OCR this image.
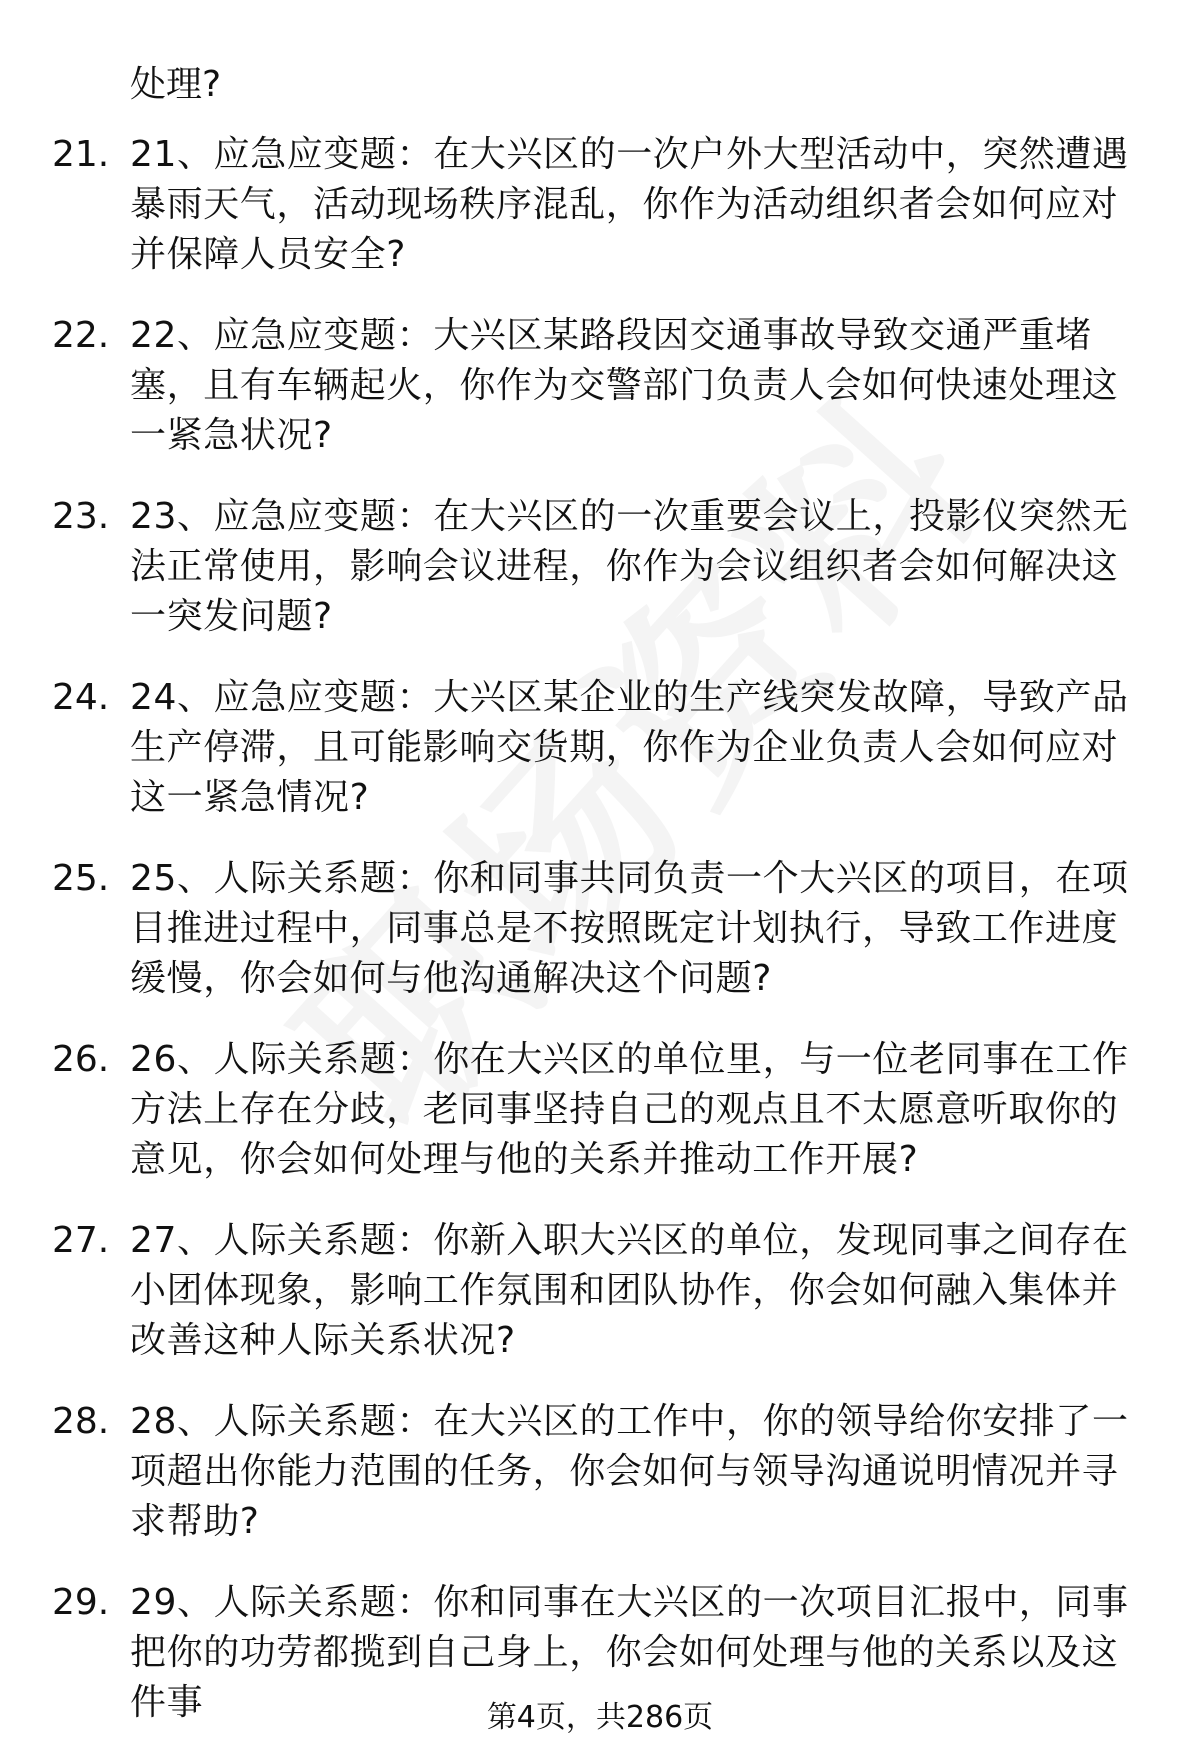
处理?
21. 21、应急应变题：在大兴区的一次户外大型活动中，突然遭遇暴雨天气，活动现场秩序混乱，你作为活动组织者会如何应对并保障人员安全?
22. 22、应急应变题：大兴区某路段因交通事故导致交通严重堵塞，且有车辆起火，你作为交警部门负责人会如何快速处理这一紧急状况?
23. 23、应急应变题：在大兴区的一次重要会议上，投影仪突然无法正常使用，影响会议进程，你作为会议组织者会如何解决这一突发问题?
24. 24、应急应变题：大兴区某企业的生产线突发故障，导致产品生产停滞，且可能影响交货期，你作为企业负责人会如何应对这一紧急情况?
25. 25、人际关系题：你和同事共同负责一个大兴区的项目，在项目推进过程中，同事总是不按照既定计划执行，导致工作进度缓慢，你会如何与他沟通解决这个问题?
26. 26、人际关系题：你在大兴区的单位里，与一位老同事在工作方法上存在分歧，老同事坚持自己的观点且不太愿意听取你的意见，你会如何处理与他的关系并推动工作开展?
27. 27、人际关系题：你新入职大兴区的单位，发现同事之间存在小团体现象，影响工作氛围和团队协作，你会如何融入集体并改善这种人际关系状况?
28. 28、人际关系题：在大兴区的工作中，你的领导给你安排了一项超出你能力范围的任务，你会如何与领导沟通说明情况并寻求帮助?
29. 29、人际关系题：你和同事在大兴区的一次项目汇报中，同事把你的功劳都揽到自己身上，你会如何处理与他的关系以及这件事	第4页，共286页
